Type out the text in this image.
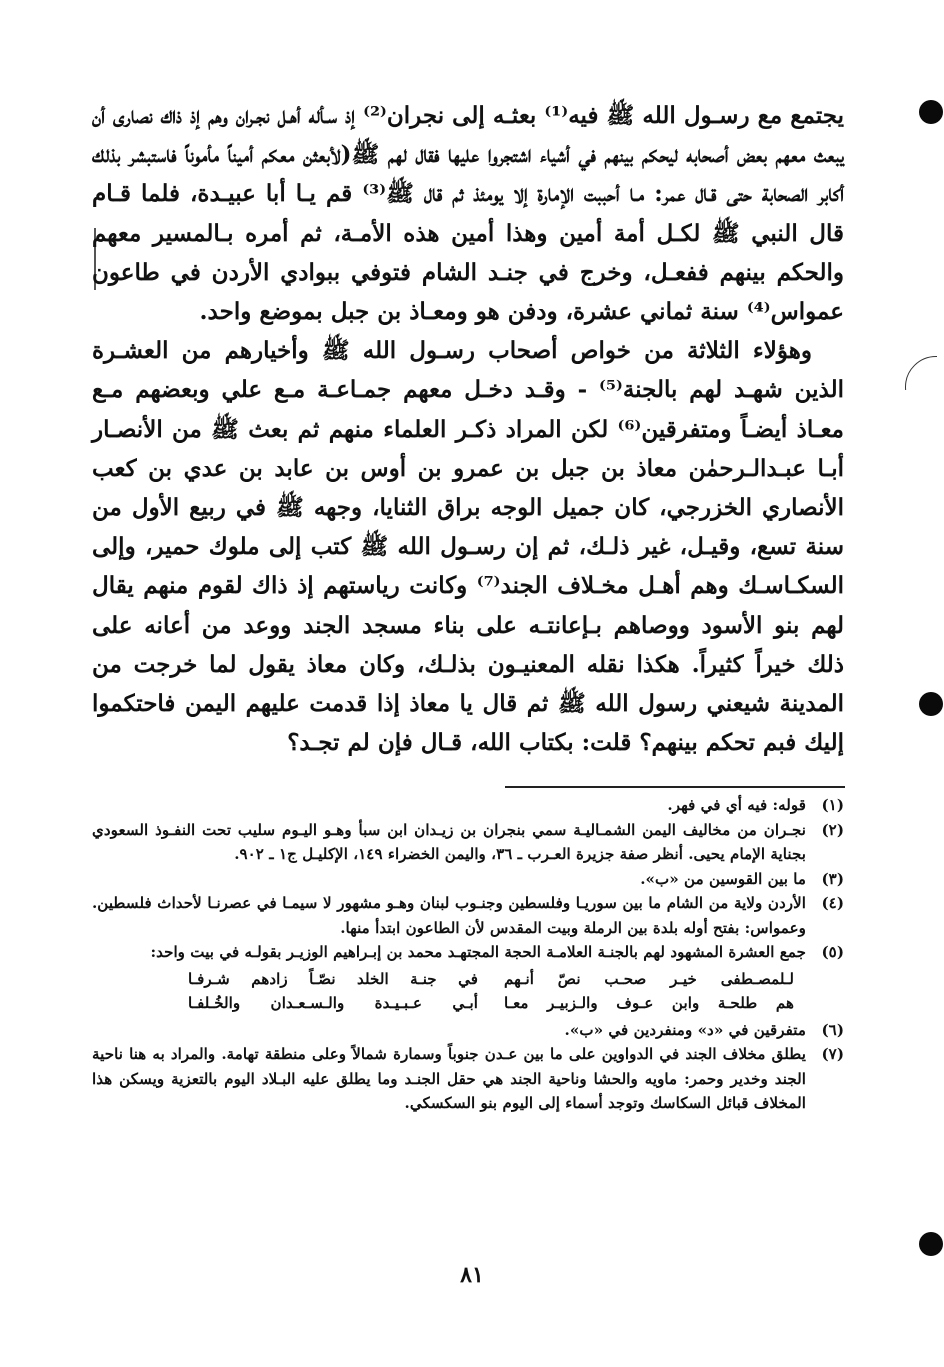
يجتمع مع رسـول الله ﷺ فيه⁽¹⁾ بعثـه إلى نجران⁽²⁾ إذ سـأله أهـل نجـران وهم إذ ذاك نصارى أن يبعث معهم بعض أصحابه ليحكم بينهم في أشياء اشتجروا عليها فقال لهم ﷺ(لأبعثن معكم أميناً مأموناً فاستبشر بذلك أكابر الصحابة حتى قـال عمر: مـا أحببت الإمارة إلا يومئذ ثم قال ﷺ⁽³⁾ قم يـا أبا عبيـدة، فلما قـام قال النبي ﷺ لكـل أمة أمين وهذا أمين هذه الأمـة، ثم أمره بـالمسير معهم والحكم بينهم ففعـل، وخرج في جنـد الشام فتوفي ببوادي الأردن في طاعون عمواس⁽⁴⁾ سنة ثماني عشرة، ودفن هو ومعـاذ بن جبل بموضع واحد.

وهؤلاء الثلاثة من خواص أصحاب رسـول الله ﷺ وأخيارهم من العشـرة الذين شهـد لهم بالجنة⁽⁵⁾ - وقـد دخـل معهم جمـاعـة مـع علي وبعضهم مـع معـاذ أيضـاً ومتفرقين⁽⁶⁾ لكن المراد ذكـر العلماء منهم ثم بعث ﷺ من الأنصـار أبـا عبـدالـرحمٰن معاذ بن جبل بن عمرو بن أوس بن عابد بن عدي بن كعب الأنصاري الخزرجي، كان جميل الوجه براق الثنايا، وجهه ﷺ في ربيع الأول من سنة تسع، وقيـل، غير ذلـك، ثم إن رسـول الله ﷺ كتب إلى ملوك حمير، وإلى السكـاسـك وهم أهـل مخـلاف الجند⁽⁷⁾ وكانت رياستهم إذ ذاك لقوم منهم يقال لهم بنو الأسود ووصاهم بـإعانتـه على بناء مسجد الجند ووعد من أعانه على ذلك خيراً كثيراً. هكذا نقله المعنيـون بذلـك، وكان معاذ يقول لما خرجت من المدينة شيعني رسول الله ﷺ ثم قال يا معاذ إذا قدمت عليهم اليمن فاحتكموا إليك فبم تحكم بينهم؟ قلت: بكتاب الله، قـال فإن لم تجـد؟

(١)
قوله: فيه أي في فهر.
(٢)
نجـران من مخاليف اليمن الشمـاليـة سمي بنجران بن زيـدان ابن سبأ وهـو اليـوم سليب تحت النفـوذ السعودي بجناية الإمام يحيى. أنظر صفة جزيرة العـرب ـ ٣٦، واليمن الخضراء ١٤٩، الإكليـل ج١ ـ ٩٠٢.
(٣)
ما بين القوسين من «ب».
(٤)
الأردن ولاية من الشام ما بين سوريـا وفلسطين وجنـوب لبنان وهـو مشهور لا سيمـا في عصرنـا لأحداث فلسطين. وعمواس: بفتح أوله بلدة بين الرملة وبيت المقدس لأن الطاعون ابتدأ منها.
(٥)
جمع العشرة المشهود لهم بالجنـة العلامـة الحجة المجتهـد محمد بن إبـراهيم الوزيـر بقولـه في بيت واحد:
لـلمصـطفى خيـر صحـب نصّ أنـهم
في جنـة الخلد نصّـاً زادهم شـرفـا
هم طلحـة وابن عـوف والـزبيـر معـا
أبـي عـبـيـدة والـسـعـدان والخُـلفـا
(٦)
متفرقين في «د» ومنفردين في «ب».
(٧)
يطلق مخلاف الجند في الدواوين على ما بين عـدن جنوباً وسمارة شمالاً وعلى منطقة تهامة. والمراد به هنا ناحية الجند وخدير وحمر: ماويه والحشا وناحية الجند هي حقل الجنـد وما يطلق عليه البـلاد اليوم بالتعزية ويسكن هذا المخلاف قبائل السكاسك وتوجد أسماء إلى اليوم بنو السكسكي.
٨١
